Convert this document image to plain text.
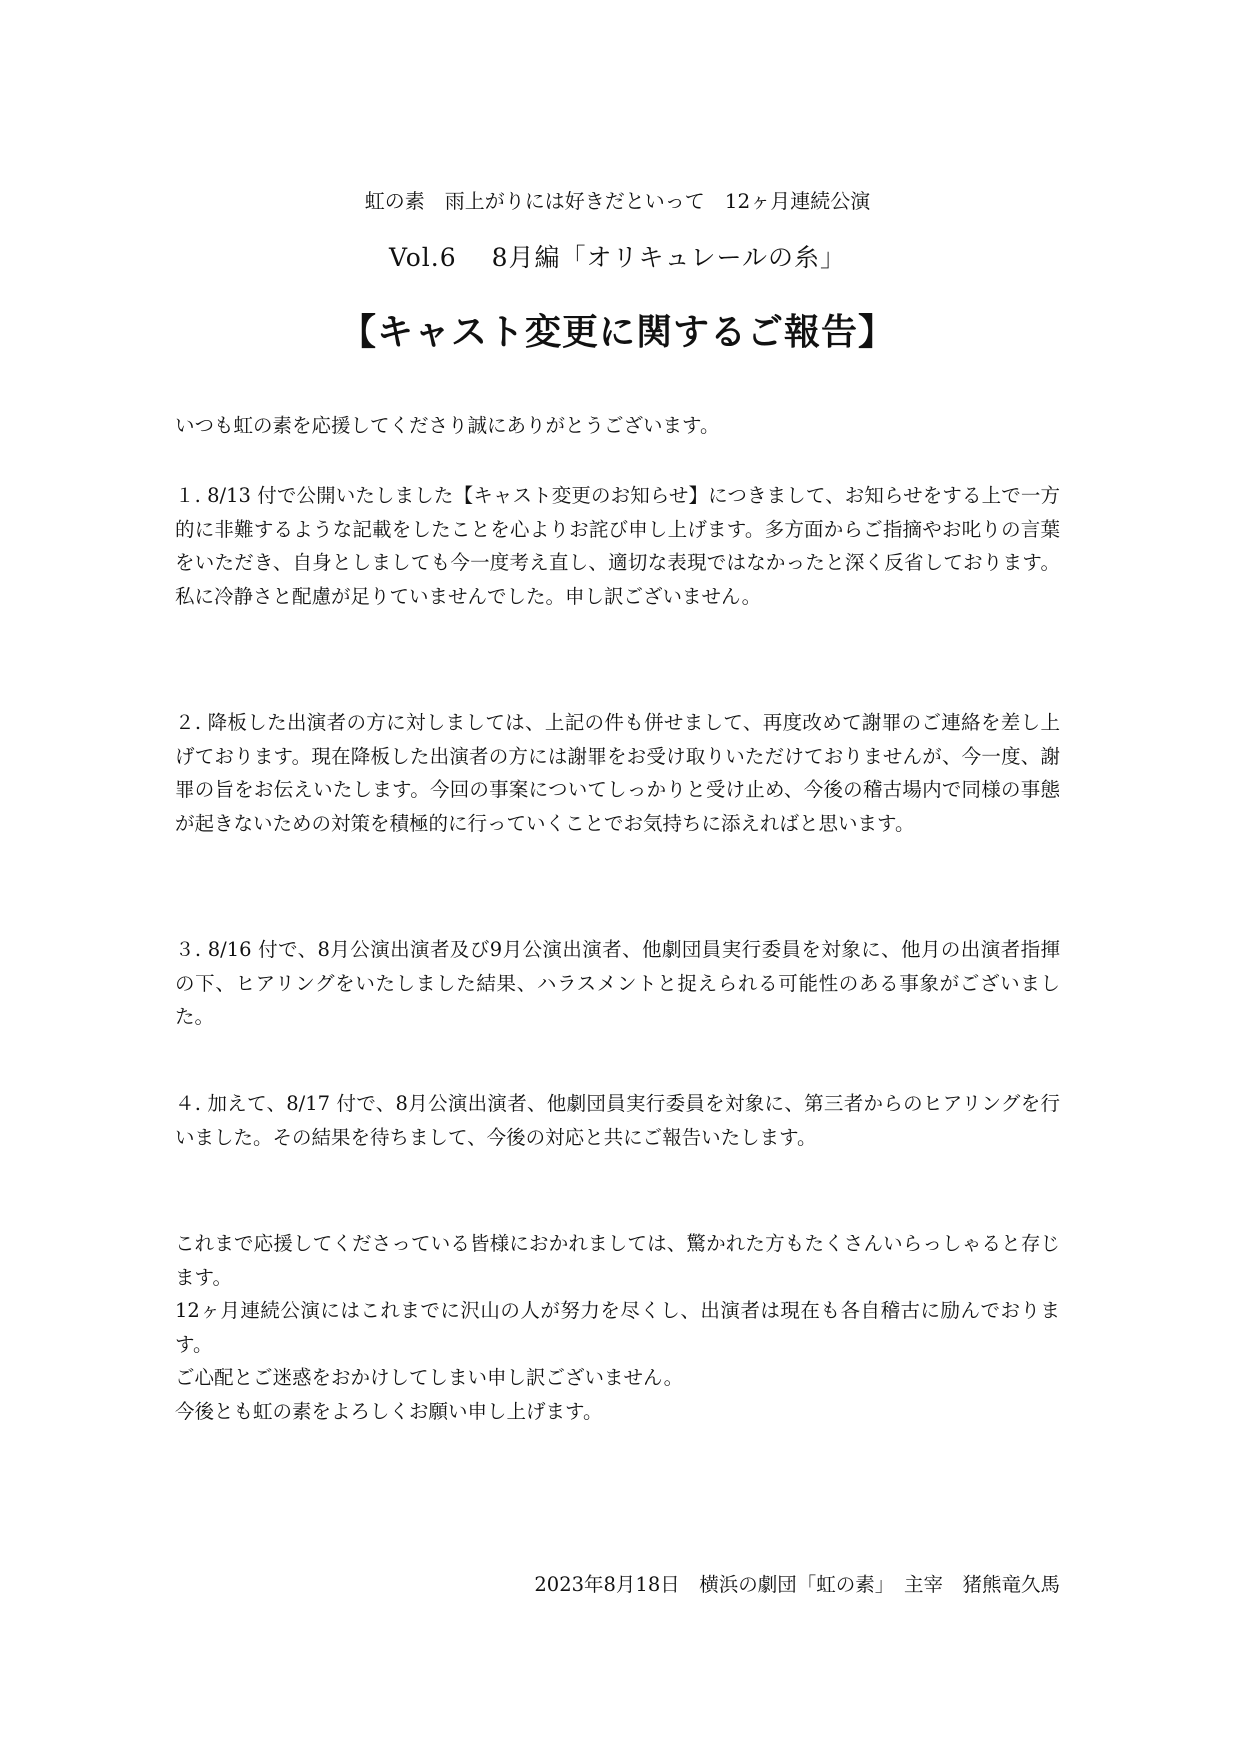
虹の素　雨上がりには好きだといって　12ヶ月連続公演
Vol.6　 8月編「オリキュレールの糸」
【キャスト変更に関するご報告】
いつも虹の素を応援してくださり誠にありがとうございます。
１. 8/13 付で公開いたしました【キャスト変更のお知らせ】につきまして、お知らせをする上で一方的に非難するような記載をしたことを心よりお詫び申し上げます。多方面からご指摘やお叱りの言葉をいただき、自身としましても今一度考え直し、適切な表現ではなかったと深く反省しております。私に冷静さと配慮が足りていませんでした。申し訳ございません。
２. 降板した出演者の方に対しましては、上記の件も併せまして、再度改めて謝罪のご連絡を差し上げております。現在降板した出演者の方には謝罪をお受け取りいただけておりませんが、今一度、謝罪の旨をお伝えいたします。今回の事案についてしっかりと受け止め、今後の稽古場内で同様の事態が起きないための対策を積極的に行っていくことでお気持ちに添えればと思います。
３. 8/16 付で、8月公演出演者及び9月公演出演者、他劇団員実行委員を対象に、他月の出演者指揮の下、ヒアリングをいたしました結果、ハラスメントと捉えられる可能性のある事象がございました。
４. 加えて、8/17 付で、8月公演出演者、他劇団員実行委員を対象に、第三者からのヒアリングを行いました。その結果を待ちまして、今後の対応と共にご報告いたします。

これまで応援してくださっている皆様におかれましては、驚かれた方もたくさんいらっしゃると存じます。

12ヶ月連続公演にはこれまでに沢山の人が努力を尽くし、出演者は現在も各自稽古に励んでおります。

ご心配とご迷惑をおかけしてしまい申し訳ございません。

今後とも虹の素をよろしくお願い申し上げます。

2023年8月18日　横浜の劇団「虹の素」　主宰　猪熊竜久馬
